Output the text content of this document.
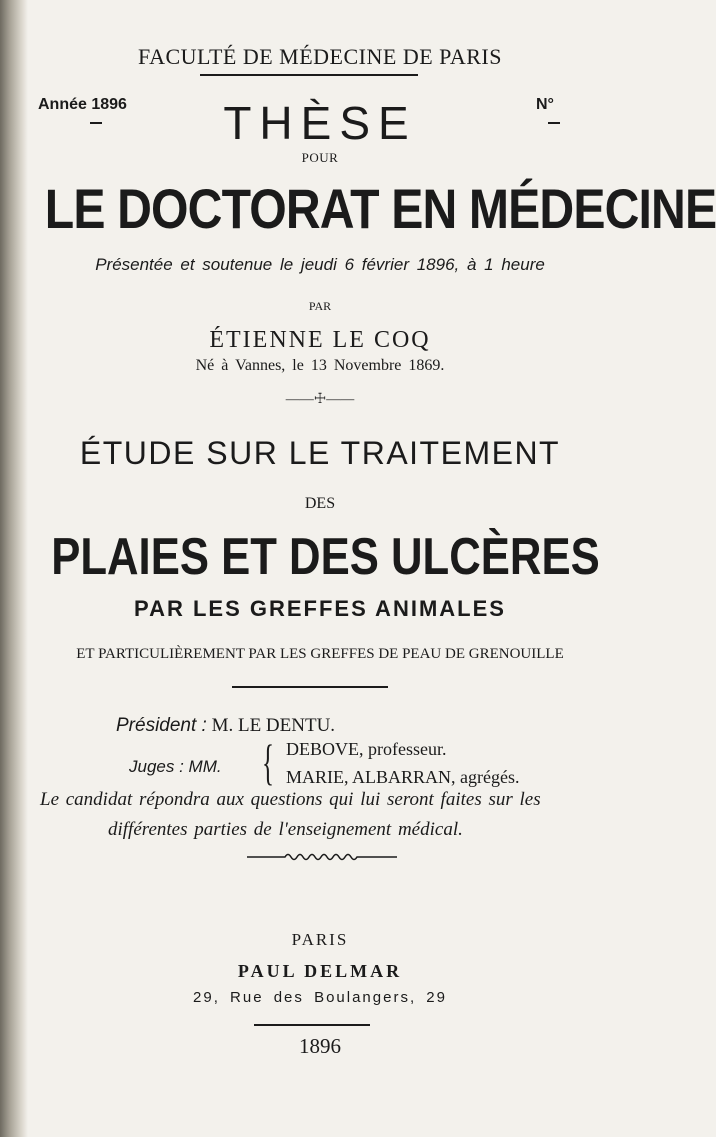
FACULTÉ DE MÉDECINE DE PARIS
Année 1896	THÈSE	N°
POUR
LE DOCTORAT EN MÉDECINE
Présentée et soutenue le jeudi 6 février 1896, à 1 heure
PAR
ÉTIENNE LE COQ
Né à Vannes, le 13 Novembre 1869.
——☩——
ÉTUDE SUR LE TRAITEMENT
DES
PLAIES ET DES ULCÈRES
PAR LES GREFFES ANIMALES
ET PARTICULIÈREMENT PAR LES GREFFES DE PEAU DE GRENOUILLE
Président : M. LE DENTU.
Juges : MM. { DEBOVE, professeur.
MARIE, ALBARRAN, agrégés.
Le candidat répondra aux questions qui lui seront faites sur les
différentes parties de l'enseignement médical.
PARIS
PAUL DELMAR
29, Rue des Boulangers, 29
1896
